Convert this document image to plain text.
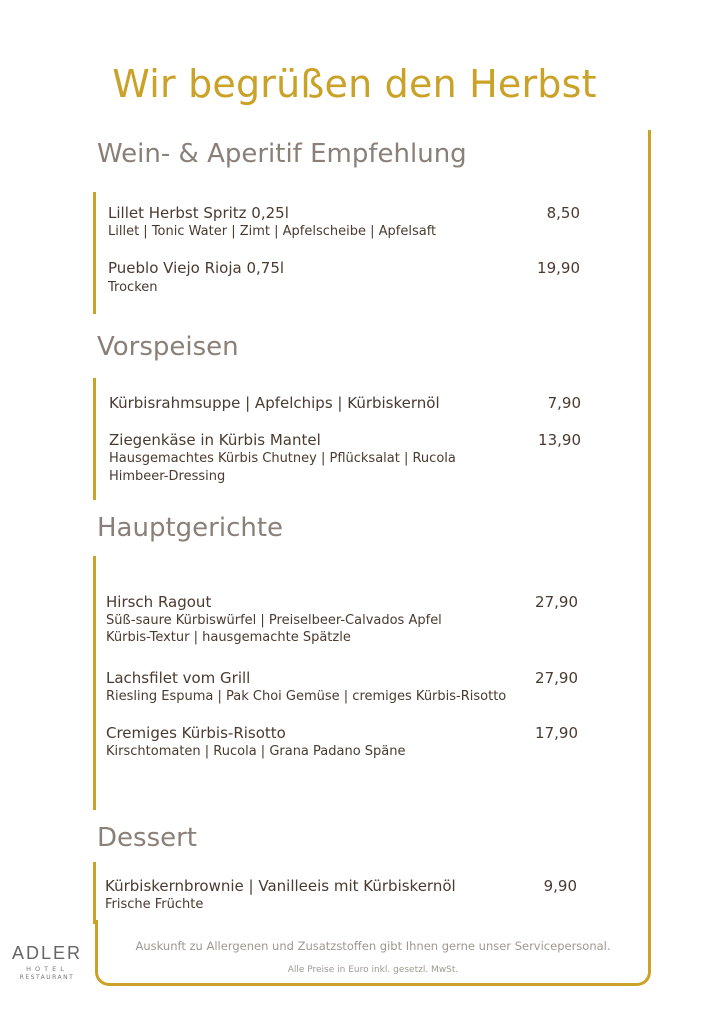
Wir begrüßen den Herbst
Wein- & Aperitif Empfehlung
Lillet Herbst Spritz 0,25l	8,50
Lillet | Tonic Water | Zimt | Apfelscheibe | Apfelsaft
Pueblo Viejo Rioja 0,75l	19,90
Trocken
Vorspeisen
Kürbisrahmsuppe | Apfelchips | Kürbiskernöl	7,90
Ziegenkäse in Kürbis Mantel	13,90
Hausgemachtes Kürbis Chutney | Pflücksalat | Rucola
Himbeer-Dressing
Hauptgerichte
Hirsch Ragout	27,90
Süß-saure Kürbiswürfel | Preiselbeer-Calvados Apfel
Kürbis-Textur | hausgemachte Spätzle
Lachsfilet vom Grill	27,90
Riesling Espuma | Pak Choi Gemüse | cremiges Kürbis-Risotto
Cremiges Kürbis-Risotto	17,90
Kirschtomaten | Rucola | Grana Padano Späne
Dessert
Kürbiskernbrownie | Vanilleeis mit Kürbiskernöl	9,90
Frische Früchte

Auskunft zu Allergenen und Zusatzstoffen gibt Ihnen gerne unser Servicepersonal.

Alle Preise in Euro inkl. gesetzl. MwSt.

ADLER
HOTEL
RESTAURANT
